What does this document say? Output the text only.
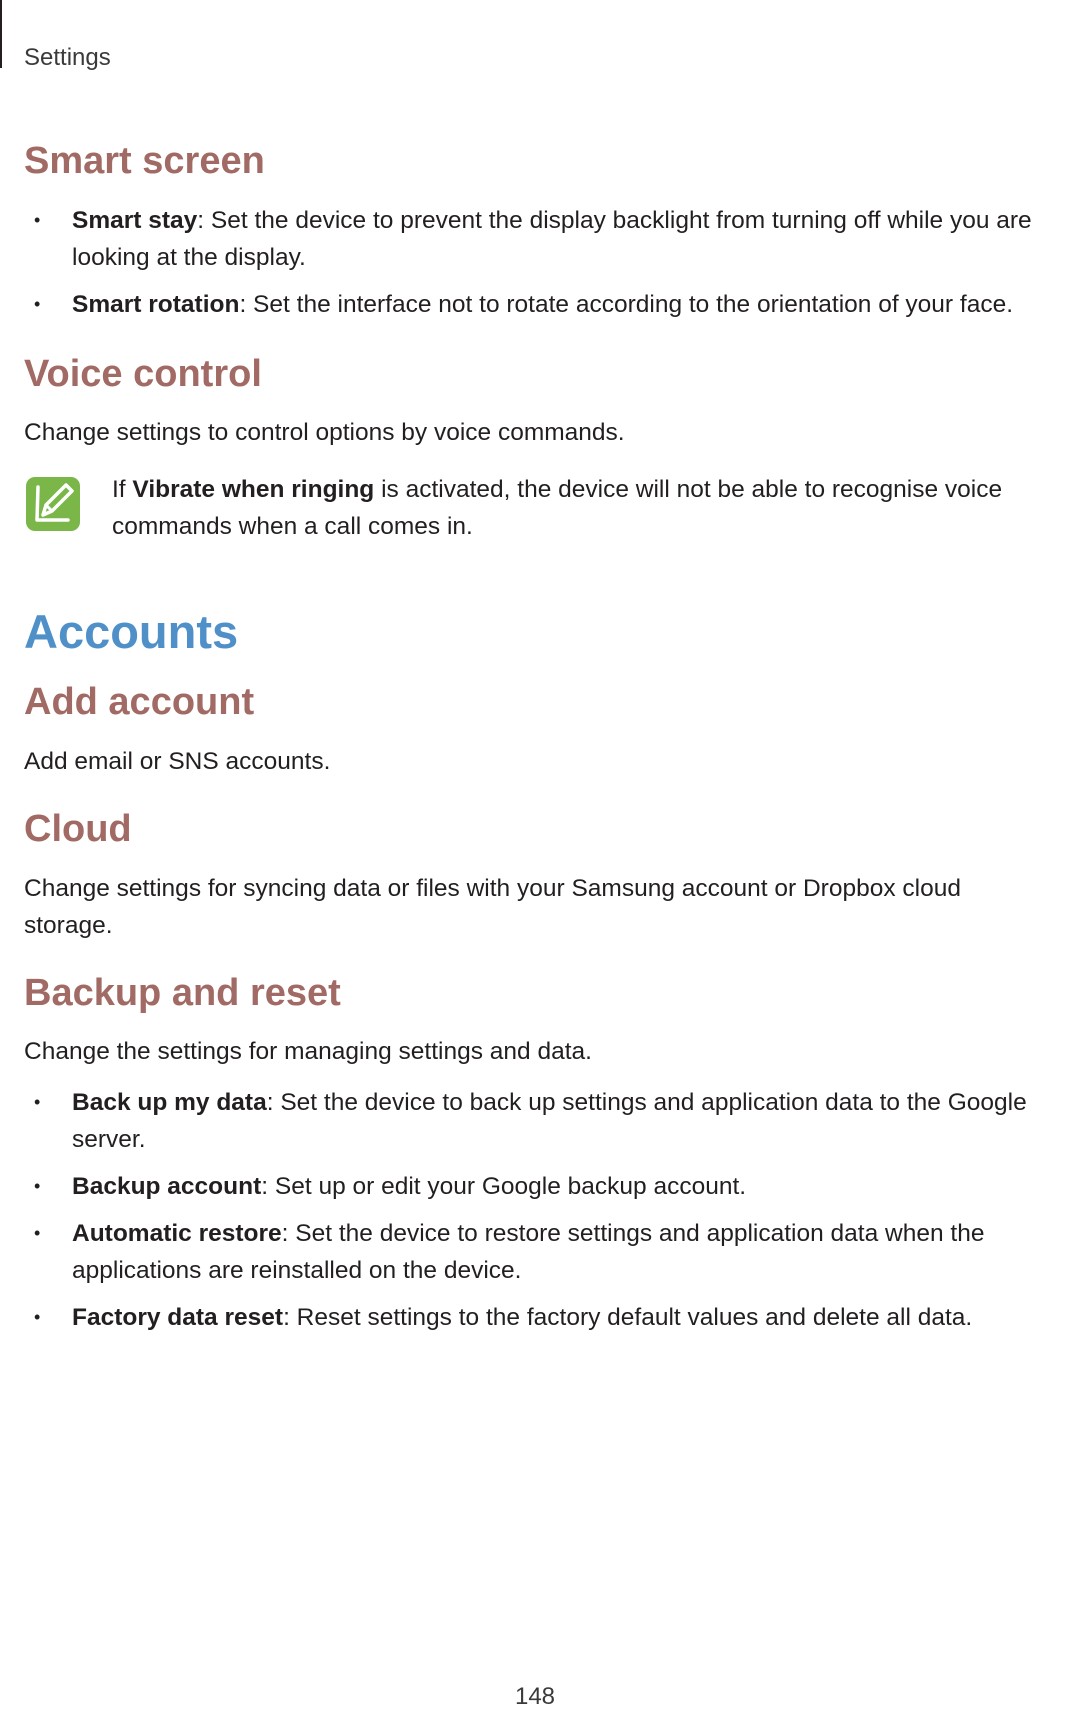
Settings
Smart screen
• Smart stay: Set the device to prevent the display backlight from turning off while you are looking at the display.
• Smart rotation: Set the interface not to rotate according to the orientation of your face.
Voice control

Change settings to control options by voice commands.

If Vibrate when ringing is activated, the device will not be able to recognise voice commands when a call comes in.
Accounts
Add account

Add email or SNS accounts.

Cloud

Change settings for syncing data or files with your Samsung account or Dropbox cloud storage.

Backup and reset

Change the settings for managing settings and data.

• Back up my data: Set the device to back up settings and application data to the Google server.
• Backup account: Set up or edit your Google backup account.
• Automatic restore: Set the device to restore settings and application data when the applications are reinstalled on the device.
• Factory data reset: Reset settings to the factory default values and delete all data.
148
